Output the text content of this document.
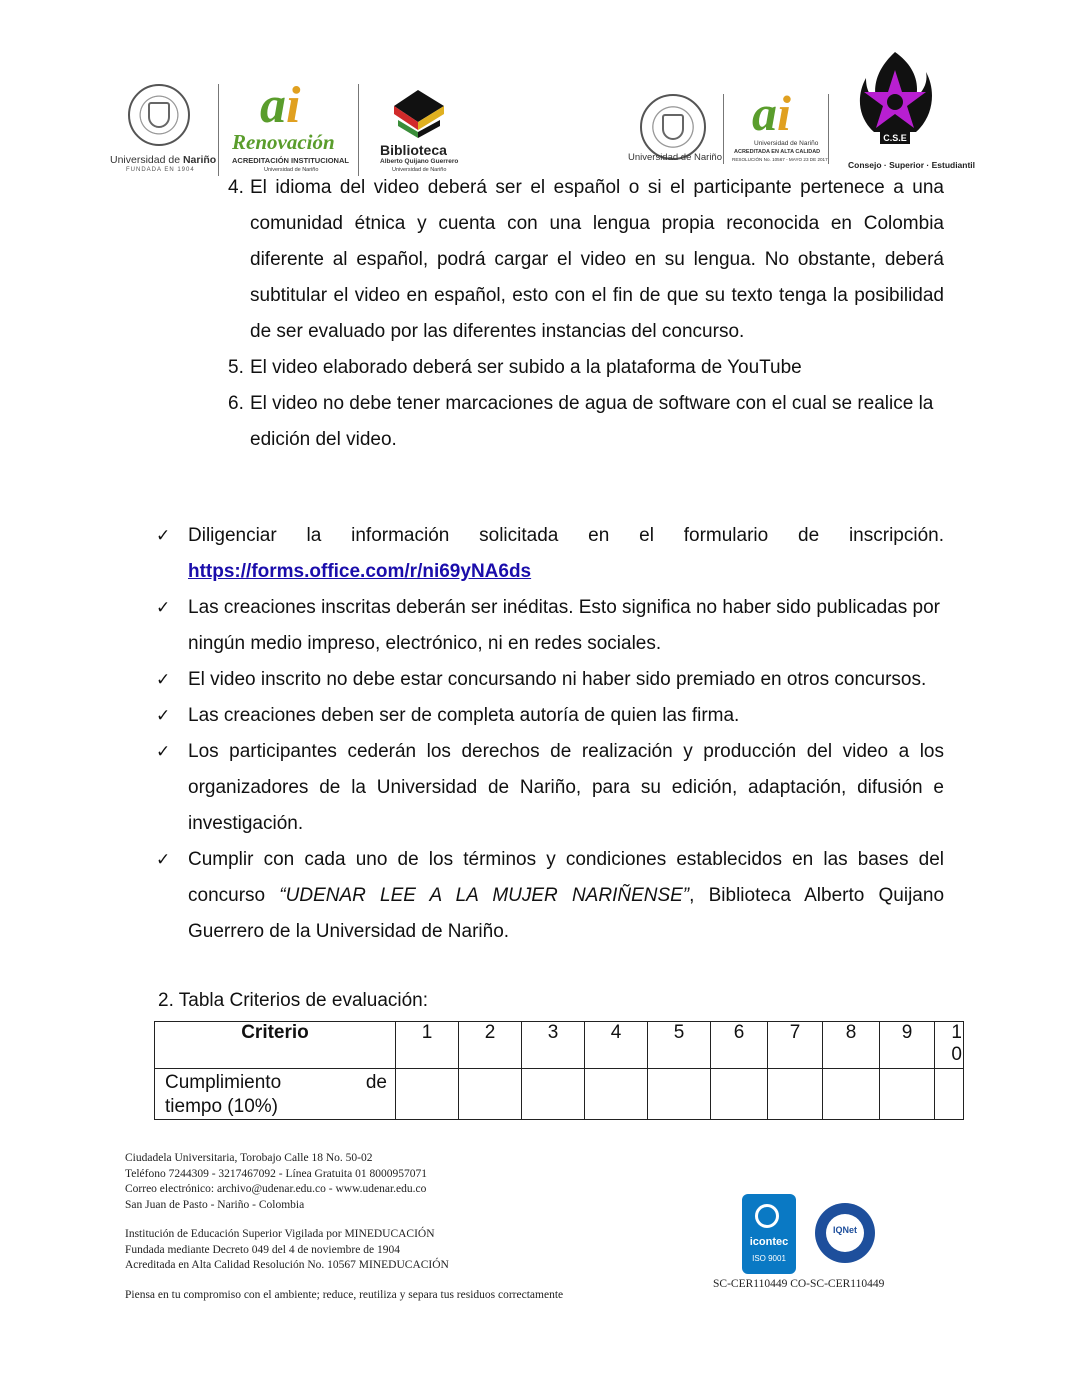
Universidad de Nariño
FUNDADA EN 1904
ai
Renovación
ACREDITACIÓN INSTITUCIONAL
Universidad de Nariño
Biblioteca
Alberto Quijano Guerrero
Universidad de Nariño
Universidad de Nariño
ai
Universidad de Nariño
ACREDITADA EN ALTA CALIDAD
RESOLUCIÓN No. 10567 - MAYO 23 DE 2017
C.S.E
Consejo · Superior · Estudiantil
4. El idioma del video deberá ser el español o si el participante pertenece a una comunidad étnica y cuenta con una lengua propia reconocida en Colombia diferente al español, podrá cargar el video en su lengua. No obstante, deberá subtitular el video en español, esto con el fin de que su texto tenga la posibilidad de ser evaluado por las diferentes instancias del concurso.
5. El video elaborado deberá ser subido a la plataforma de YouTube
6. El video no debe tener marcaciones de agua de software con el cual se realice la edición del video.
✓ Diligenciar la información solicitada en el formulario de inscripción.
https://forms.office.com/r/ni69yNA6ds
✓ Las creaciones inscritas deberán ser inéditas. Esto significa no haber sido publicadas por ningún medio impreso, electrónico, ni en redes sociales.
✓ El video inscrito no debe estar concursando ni haber sido premiado en otros concursos.
✓ Las creaciones deben ser de completa autoría de quien las firma.
✓ Los participantes cederán los derechos de realización y producción del video a los organizadores de la Universidad de Nariño, para su edición, adaptación, difusión e investigación.
✓ Cumplir con cada uno de los términos y condiciones establecidos en las bases del concurso “UDENAR LEE A LA MUJER NARIÑENSE”, Biblioteca Alberto Quijano Guerrero de la Universidad de Nariño.
2. Tabla Criterios de evaluación:
Criterio	1	2	3	4	5	6	7	8	9	1
0

Cumplimiento de
tiempo (10%)										

Ciudadela Universitaria, Torobajo Calle 18 No. 50-02
Teléfono 7244309 - 3217467092 - Línea Gratuita 01 8000957071
Correo electrónico: archivo@udenar.edu.co - www.udenar.edu.co
San Juan de Pasto - Nariño - Colombia
Institución de Educación Superior Vigilada por MINEDUCACIÓN
Fundada mediante Decreto 049 del 4 de noviembre de 1904
Acreditada en Alta Calidad Resolución No. 10567 MINEDUCACIÓN
Piensa en tu compromiso con el ambiente; reduce, reutiliza y separa tus residuos correctamente
icontec
ISO 9001
IQNet
SC-CER110449 CO-SC-CER110449
